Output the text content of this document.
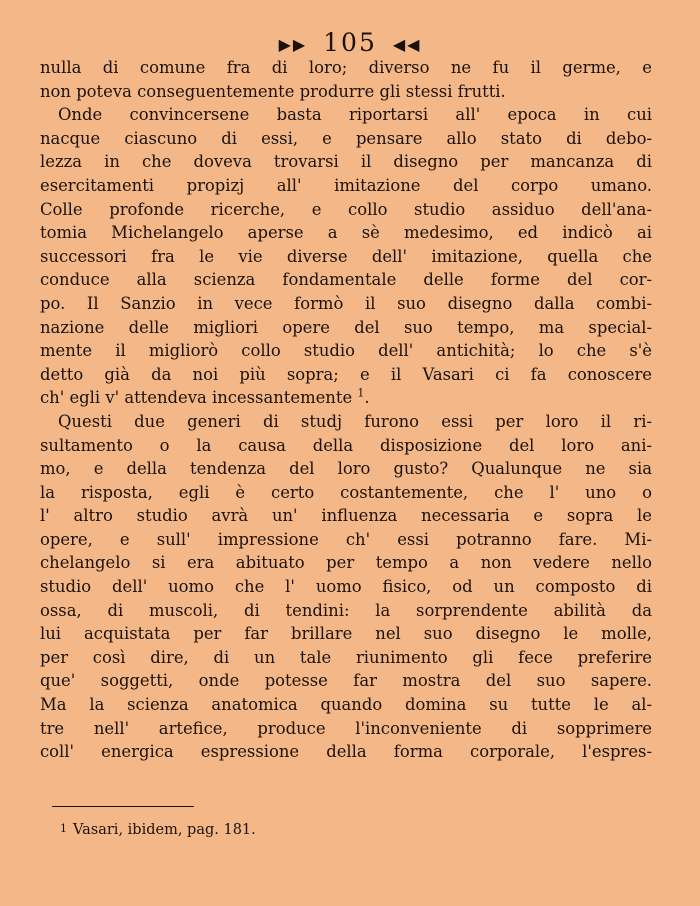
▶▶ 105 ◀◀
nulla di comune fra di loro; diverso ne fu il germe, e
non poteva conseguentemente produrre gli stessi frutti.
Onde convincersene basta riportarsi all' epoca in cui
nacque ciascuno di essi, e pensare allo stato di debo-
lezza in che doveva trovarsi il disegno per mancanza di
esercitamenti propizj all' imitazione del corpo umano.
Colle profonde ricerche, e collo studio assiduo dell'ana-
tomia Michelangelo aperse a sè medesimo, ed indicò ai
successori fra le vie diverse dell' imitazione, quella che
conduce alla scienza fondamentale delle forme del cor-
po. Il Sanzio in vece formò il suo disegno dalla combi-
nazione delle migliori opere del suo tempo, ma special-
mente il migliorò collo studio dell' antichità; lo che s'è
detto già da noi più sopra; e il Vasari ci fa conoscere
ch' egli v' attendeva incessantemente $^1$.
Questi due generi di studj furono essi per loro il ri-
sultamento o la causa della disposizione del loro ani-
mo, e della tendenza del loro gusto? Qualunque ne sia
la risposta, egli è certo costantemente, che l' uno o
l' altro studio avrà un' influenza necessaria e sopra le
opere, e sull' impressione ch' essi potranno fare. Mi-
chelangelo si era abituato per tempo a non vedere nello
studio dell' uomo che l' uomo fisico, od un composto di
ossa, di muscoli, di tendini: la sorprendente abilità da
lui acquistata per far brillare nel suo disegno le molle,
per così dire, di un tale riunimento gli fece preferire
que' soggetti, onde potesse far mostra del suo sapere.
Ma la scienza anatomica quando domina su tutte le al-
tre nell' artefice, produce l'inconveniente di sopprimere
coll' energica espressione della forma corporale, l'espres-
$^1$ Vasari, ibidem, pag. 181.
